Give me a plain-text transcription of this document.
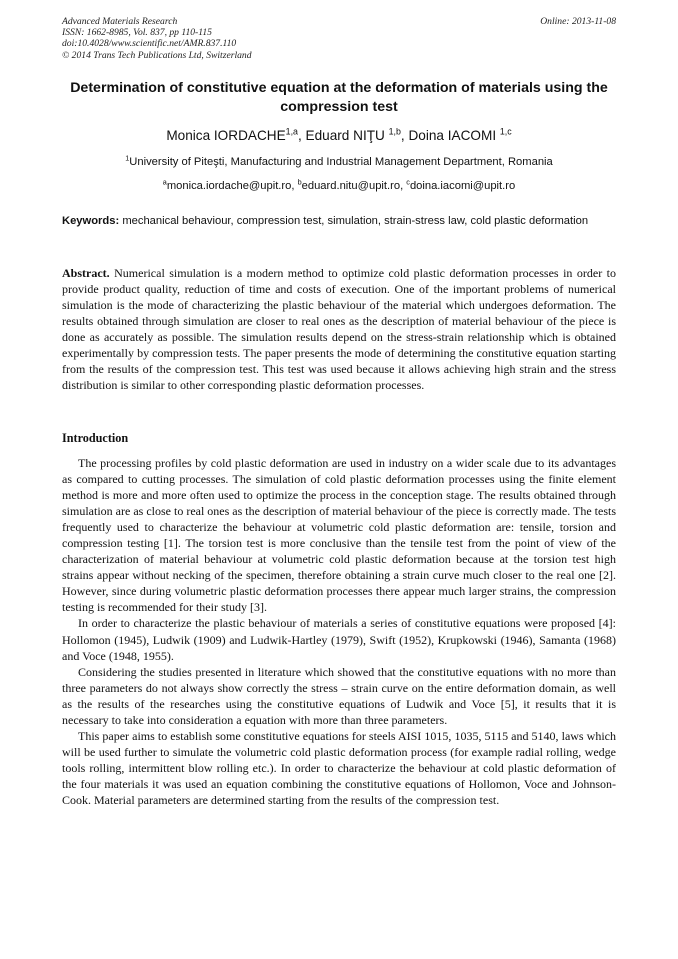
Advanced Materials Research
ISSN: 1662-8985, Vol. 837, pp 110-115
doi:10.4028/www.scientific.net/AMR.837.110
© 2014 Trans Tech Publications Ltd, Switzerland
Online: 2013-11-08
Determination of constitutive equation at the deformation of materials using the compression test
Monica IORDACHE$^{1,a}$, Eduard NIŢU $^{1,b}$, Doina IACOMI $^{1,c}$
$^1$University of Piteşti, Manufacturing and Industrial Management Department, Romania
$^a$monica.iordache@upit.ro, $^b$eduard.nitu@upit.ro, $^c$doina.iacomi@upit.ro
Keywords: mechanical behaviour, compression test, simulation, strain-stress law, cold plastic deformation

Abstract. Numerical simulation is a modern method to optimize cold plastic deformation processes in order to provide product quality, reduction of time and costs of execution. One of the important problems of numerical simulation is the mode of characterizing the plastic behaviour of the material which undergoes deformation. The results obtained through simulation are closer to real ones as the description of material behaviour of the piece is done as accurately as possible. The simulation results depend on the stress-strain relationship which is obtained experimentally by compression tests. The paper presents the mode of determining the constitutive equation starting from the results of the compression test. This test was used because it allows achieving high strain and the stress distribution is similar to other corresponding plastic deformation processes.

Introduction

The processing profiles by cold plastic deformation are used in industry on a wider scale due to its advantages as compared to cutting processes. The simulation of cold plastic deformation processes using the finite element method is more and more often used to optimize the process in the conception stage. The results obtained through simulation are as close to real ones as the description of material behaviour of the piece is correctly made. The tests frequently used to characterize the behaviour at volumetric cold plastic deformation are: tensile, torsion and compression testing [1]. The torsion test is more conclusive than the tensile test from the point of view of the characterization of material behaviour at volumetric cold plastic deformation because at the torsion test high strains appear without necking of the specimen, therefore obtaining a strain curve much closer to the real one [2]. However, since during volumetric plastic deformation processes there appear much larger strains, the compression testing is recommended for their study [3].

In order to characterize the plastic behaviour of materials a series of constitutive equations were proposed [4]: Hollomon (1945), Ludwik (1909) and Ludwik-Hartley (1979), Swift (1952), Krupkowski (1946), Samanta (1968) and Voce (1948, 1955).

Considering the studies presented in literature which showed that the constitutive equations with no more than three parameters do not always show correctly the stress – strain curve on the entire deformation domain, as well as the results of the researches using the constitutive equations of Ludwik and Voce [5], it results that it is necessary to take into consideration a equation with more than three parameters.

This paper aims to establish some constitutive equations for steels AISI 1015, 1035, 5115 and 5140, laws which will be used further to simulate the volumetric cold plastic deformation process (for example radial rolling, wedge tools rolling, intermittent blow rolling etc.). In order to characterize the behaviour at cold plastic deformation of the four materials it was used an equation combining the constitutive equations of Hollomon, Voce and Johnson-Cook. Material parameters are determined starting from the results of the compression test.
